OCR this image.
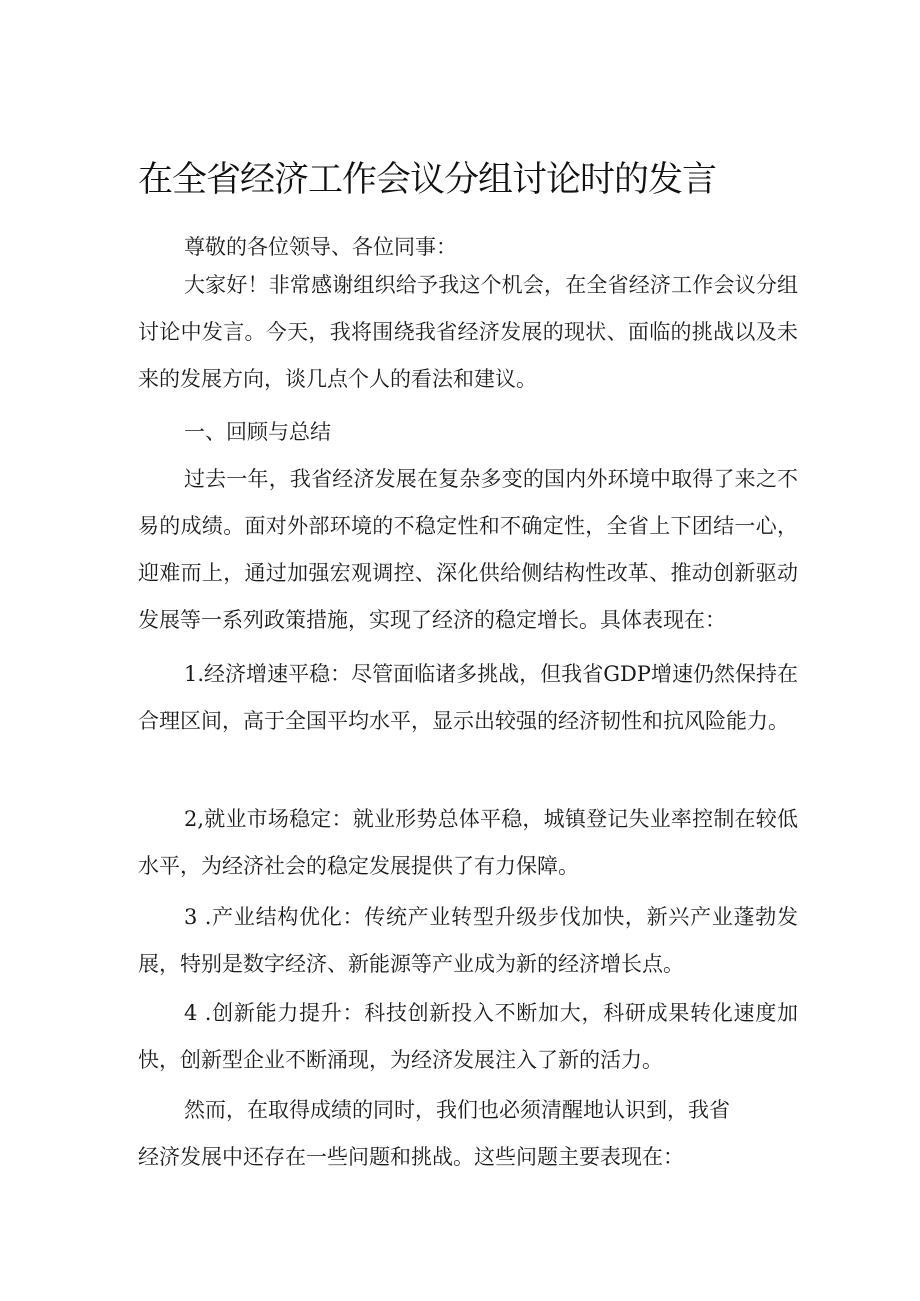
在全省经济工作会议分组讨论时的发言

尊敬的各位领导、各位同事：

大家好！非常感谢组织给予我这个机会，在全省经济工作会议分组讨论中发言。今天，我将围绕我省经济发展的现状、面临的挑战以及未来的发展方向，谈几点个人的看法和建议。

一、回顾与总结

过去一年，我省经济发展在复杂多变的国内外环境中取得了来之不易的成绩。面对外部环境的不稳定性和不确定性，全省上下团结一心，迎难而上，通过加强宏观调控、深化供给侧结构性改革、推动创新驱动发展等一系列政策措施，实现了经济的稳定增长。具体表现在：

1.经济增速平稳：尽管面临诸多挑战，但我省GDP增速仍然保持在合理区间，高于全国平均水平，显示出较强的经济韧性和抗风险能力。

2,就业市场稳定：就业形势总体平稳，城镇登记失业率控制在较低水平，为经济社会的稳定发展提供了有力保障。

3 .产业结构优化：传统产业转型升级步伐加快，新兴产业蓬勃发展，特别是数字经济、新能源等产业成为新的经济增长点。

4 .创新能力提升：科技创新投入不断加大，科研成果转化速度加快，创新型企业不断涌现，为经济发展注入了新的活力。

然而，在取得成绩的同时，我们也必须清醒地认识到，我省

经济发展中还存在一些问题和挑战。这些问题主要表现在：
